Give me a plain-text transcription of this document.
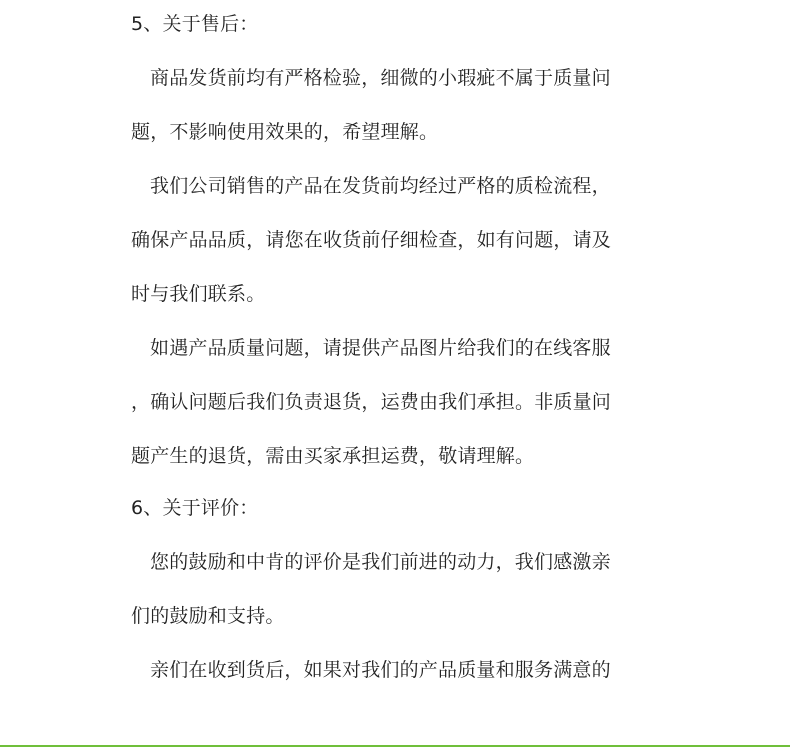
5、关于售后：
商品发货前均有严格检验，细微的小瑕疵不属于质量问
题，不影响使用效果的，希望理解。
我们公司销售的产品在发货前均经过严格的质检流程，
确保产品品质，请您在收货前仔细检查，如有问题，请及
时与我们联系。
如遇产品质量问题，请提供产品图片给我们的在线客服
，确认问题后我们负责退货，运费由我们承担。非质量问
题产生的退货，需由买家承担运费，敬请理解。
6、关于评价：
您的鼓励和中肯的评价是我们前进的动力，我们感激亲
们的鼓励和支持。
亲们在收到货后，如果对我们的产品质量和服务满意的
